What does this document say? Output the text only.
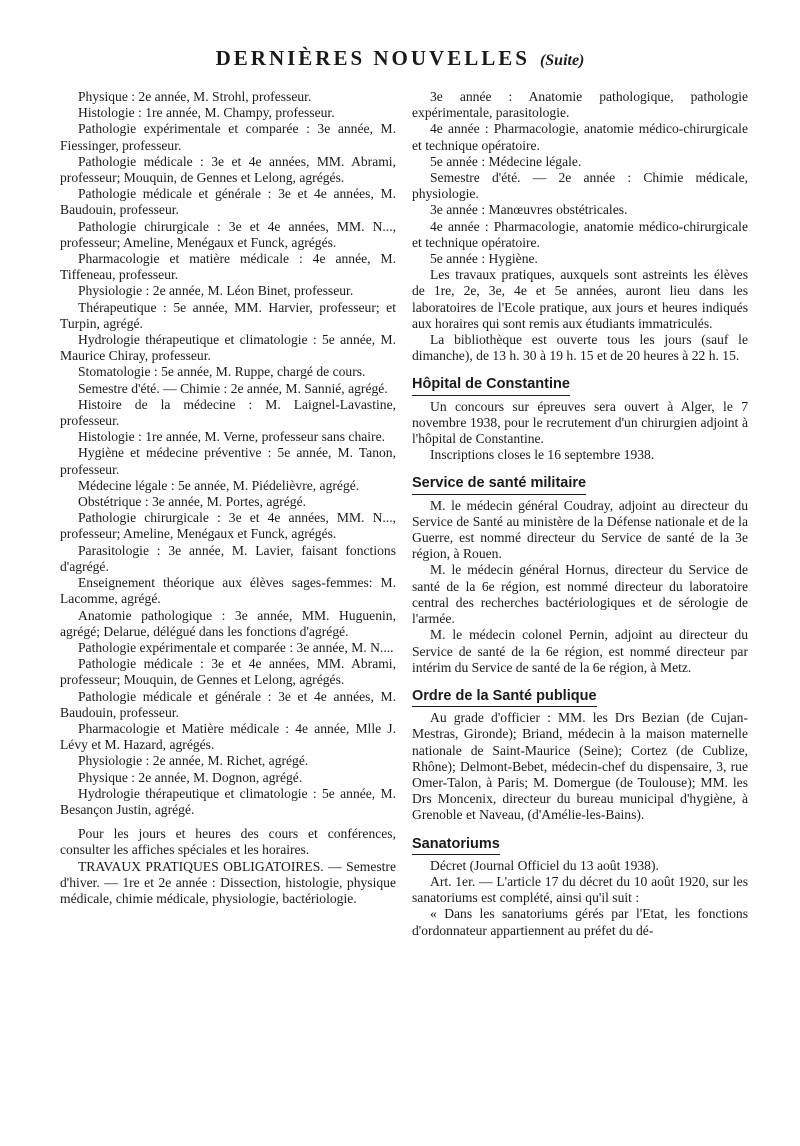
DERNIÈRES NOUVELLES (Suite)

Physique : 2e année, M. Strohl, professeur.

Histologie : 1re année, M. Champy, professeur.

Pathologie expérimentale et comparée : 3e année, M. Fiessinger, professeur.

Pathologie médicale : 3e et 4e années, MM. Abrami, professeur; Mouquin, de Gennes et Lelong, agrégés.

Pathologie médicale et générale : 3e et 4e années, M. Baudouin, professeur.

Pathologie chirurgicale : 3e et 4e années, MM. N..., professeur; Ameline, Menégaux et Funck, agrégés.

Pharmacologie et matière médicale : 4e année, M. Tiffeneau, professeur.

Physiologie : 2e année, M. Léon Binet, professeur.

Thérapeutique : 5e année, MM. Harvier, professeur; et Turpin, agrégé.

Hydrologie thérapeutique et climatologie : 5e année, M. Maurice Chiray, professeur.

Stomatologie : 5e année, M. Ruppe, chargé de cours.

Semestre d'été. — Chimie : 2e année, M. Sannié, agrégé.

Histoire de la médecine : M. Laignel-Lavastine, professeur.

Histologie : 1re année, M. Verne, professeur sans chaire.

Hygiène et médecine préventive : 5e année, M. Tanon, professeur.

Médecine légale : 5e année, M. Piédelièvre, agrégé.

Obstétrique : 3e année, M. Portes, agrégé.

Pathologie chirurgicale : 3e et 4e années, MM. N..., professeur; Ameline, Menégaux et Funck, agrégés.

Parasitologie : 3e année, M. Lavier, faisant fonctions d'agrégé.

Enseignement théorique aux élèves sages-femmes: M. Lacomme, agrégé.

Anatomie pathologique : 3e année, MM. Huguenin, agrégé; Delarue, délégué dans les fonctions d'agrégé.

Pathologie expérimentale et comparée : 3e année, M. N....

Pathologie médicale : 3e et 4e années, MM. Abrami, professeur; Mouquin, de Gennes et Lelong, agrégés.

Pathologie médicale et générale : 3e et 4e années, M. Baudouin, professeur.

Pharmacologie et Matière médicale : 4e année, Mlle J. Lévy et M. Hazard, agrégés.

Physiologie : 2e année, M. Richet, agrégé.

Physique : 2e année, M. Dognon, agrégé.

Hydrologie thérapeutique et climatologie : 5e année, M. Besançon Justin, agrégé.

Pour les jours et heures des cours et conférences, consulter les affiches spéciales et les horaires.

TRAVAUX PRATIQUES OBLIGATOIRES. — Semestre d'hiver. — 1re et 2e année : Dissection, histologie, physique médicale, chimie médicale, physiologie, bactériologie.

3e année : Anatomie pathologique, pathologie expérimentale, parasitologie.

4e année : Pharmacologie, anatomie médico-chirurgicale et technique opératoire.

5e année : Médecine légale.

Semestre d'été. — 2e année : Chimie médicale, physiologie.

3e année : Manœuvres obstétricales.

4e année : Pharmacologie, anatomie médico-chirurgicale et technique opératoire.

5e année : Hygiène.

Les travaux pratiques, auxquels sont astreints les élèves de 1re, 2e, 3e, 4e et 5e années, auront lieu dans les laboratoires de l'Ecole pratique, aux jours et heures indiqués aux horaires qui sont remis aux étudiants immatriculés.

La bibliothèque est ouverte tous les jours (sauf le dimanche), de 13 h. 30 à 19 h. 15 et de 20 heures à 22 h. 15.

Hôpital de Constantine

Un concours sur épreuves sera ouvert à Alger, le 7 novembre 1938, pour le recrutement d'un chirurgien adjoint à l'hôpital de Constantine.

Inscriptions closes le 16 septembre 1938.

Service de santé militaire

M. le médecin général Coudray, adjoint au directeur du Service de Santé au ministère de la Défense nationale et de la Guerre, est nommé directeur du Service de santé de la 3e région, à Rouen.

M. le médecin général Hornus, directeur du Service de santé de la 6e région, est nommé directeur du laboratoire central des recherches bactériologiques et de sérologie de l'armée.

M. le médecin colonel Pernin, adjoint au directeur du Service de santé de la 6e région, est nommé directeur par intérim du Service de santé de la 6e région, à Metz.

Ordre de la Santé publique

Au grade d'officier : MM. les Drs Bezian (de Cujan-Mestras, Gironde); Briand, médecin à la maison maternelle nationale de Saint-Maurice (Seine); Cortez (de Cublize, Rhône); Delmont-Bebet, médecin-chef du dispensaire, 3, rue Omer-Talon, à Paris; M. Domergue (de Toulouse); MM. les Drs Moncenix, directeur du bureau municipal d'hygiène, à Grenoble et Naveau, (d'Amélie-les-Bains).

Sanatoriums

Décret (Journal Officiel du 13 août 1938).

Art. 1er. — L'article 17 du décret du 10 août 1920, sur les sanatoriums est complété, ainsi qu'il suit :

« Dans les sanatoriums gérés par l'Etat, les fonctions d'ordonnateur appartiennent au préfet du dé-
